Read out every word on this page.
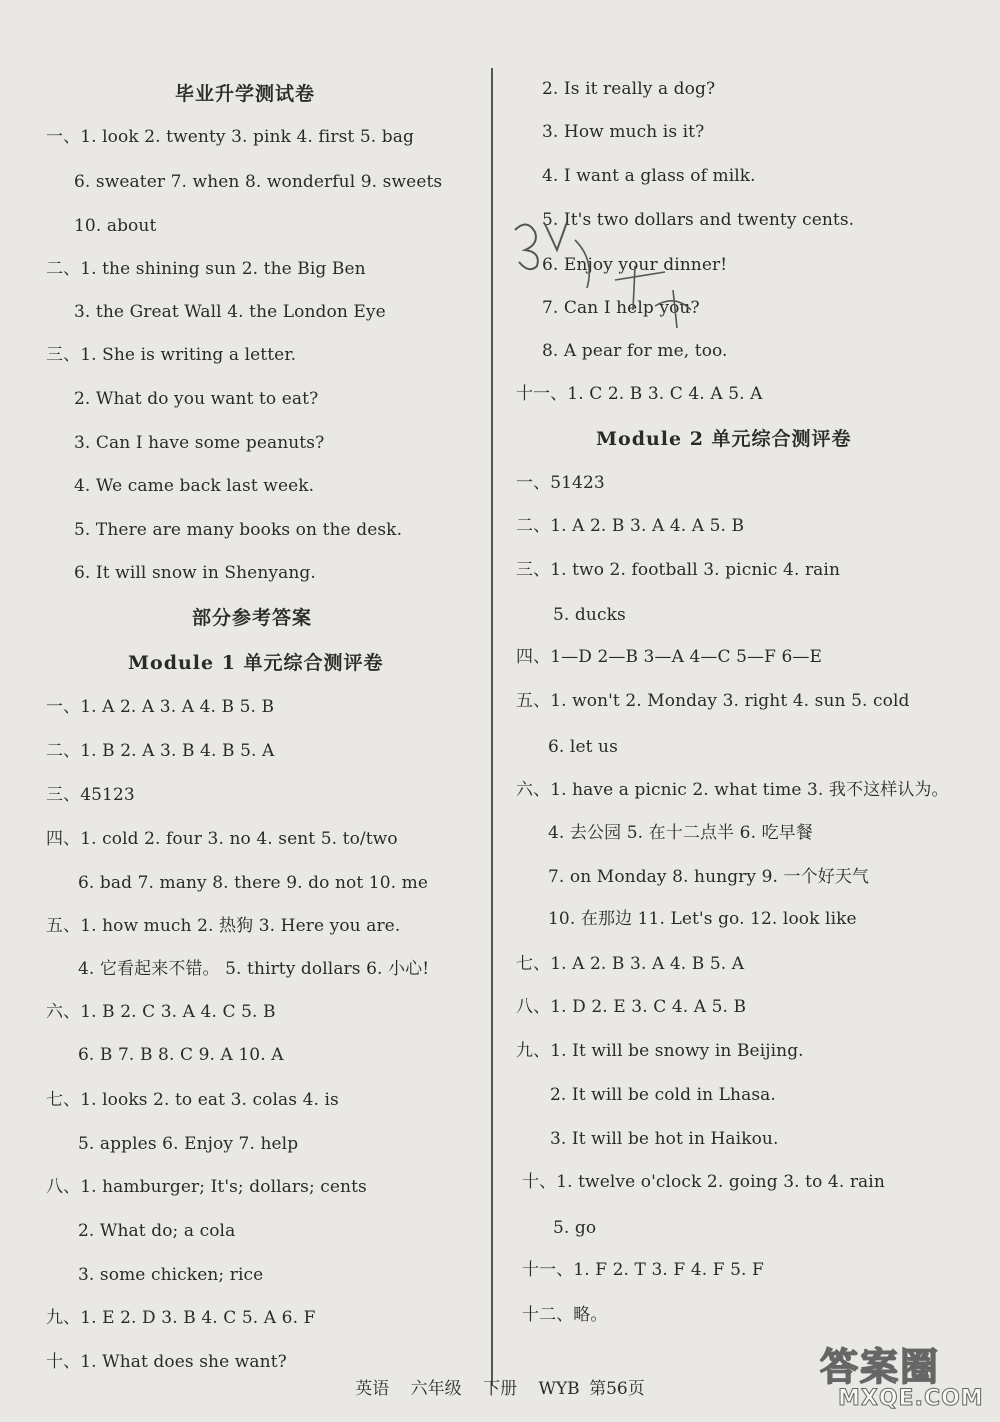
毕业升学测试卷
一、1. look 2. twenty 3. pink 4. first 5. bag
6. sweater 7. when 8. wonderful 9. sweets
10. about
二、1. the shining sun 2. the Big Ben
3. the Great Wall 4. the London Eye
三、1. She is writing a letter.
2. What do you want to eat?
3. Can I have some peanuts?
4. We came back last week.
5. There are many books on the desk.
6. It will snow in Shenyang.
部分参考答案
Module 1 单元综合测评卷
一、1. A 2. A 3. A 4. B 5. B
二、1. B 2. A 3. B 4. B 5. A
三、45123
四、1. cold 2. four 3. no 4. sent 5. to/two
6. bad 7. many 8. there 9. do not 10. me
五、1. how much 2. 热狗 3. Here you are.
4. 它看起来不错。 5. thirty dollars 6. 小心!
六、1. B 2. C 3. A 4. C 5. B
6. B 7. B 8. C 9. A 10. A
七、1. looks 2. to eat 3. colas 4. is
5. apples 6. Enjoy 7. help
八、1. hamburger; It's; dollars; cents
2. What do; a cola
3. some chicken; rice
九、1. E 2. D 3. B 4. C 5. A 6. F
十、1. What does she want?
2. Is it really a dog?
3. How much is it?
4. I want a glass of milk.
5. It's two dollars and twenty cents.
6. Enjoy your dinner!
7. Can I help you?
8. A pear for me, too.
十一、1. C 2. B 3. C 4. A 5. A
Module 2 单元综合测评卷
一、51423
二、1. A 2. B 3. A 4. A 5. B
三、1. two 2. football 3. picnic 4. rain
5. ducks
四、1—D 2—B 3—A 4—C 5—F 6—E
五、1. won't 2. Monday 3. right 4. sun 5. cold
6. let us
六、1. have a picnic 2. what time 3. 我不这样认为。
4. 去公园 5. 在十二点半 6. 吃早餐
7. on Monday 8. hungry 9. 一个好天气
10. 在那边 11. Let's go. 12. look like
七、1. A 2. B 3. A 4. B 5. A
八、1. D 2. E 3. C 4. A 5. B
九、1. It will be snowy in Beijing.
2. It will be cold in Lhasa.
3. It will be hot in Haikou.
十、1. twelve o'clock 2. going 3. to 4. rain
5. go
十一、1. F 2. T 3. F 4. F 5. F
十二、略。
英语 六年级 下册 WYB 第56页	答案圈
MXQE.COM
